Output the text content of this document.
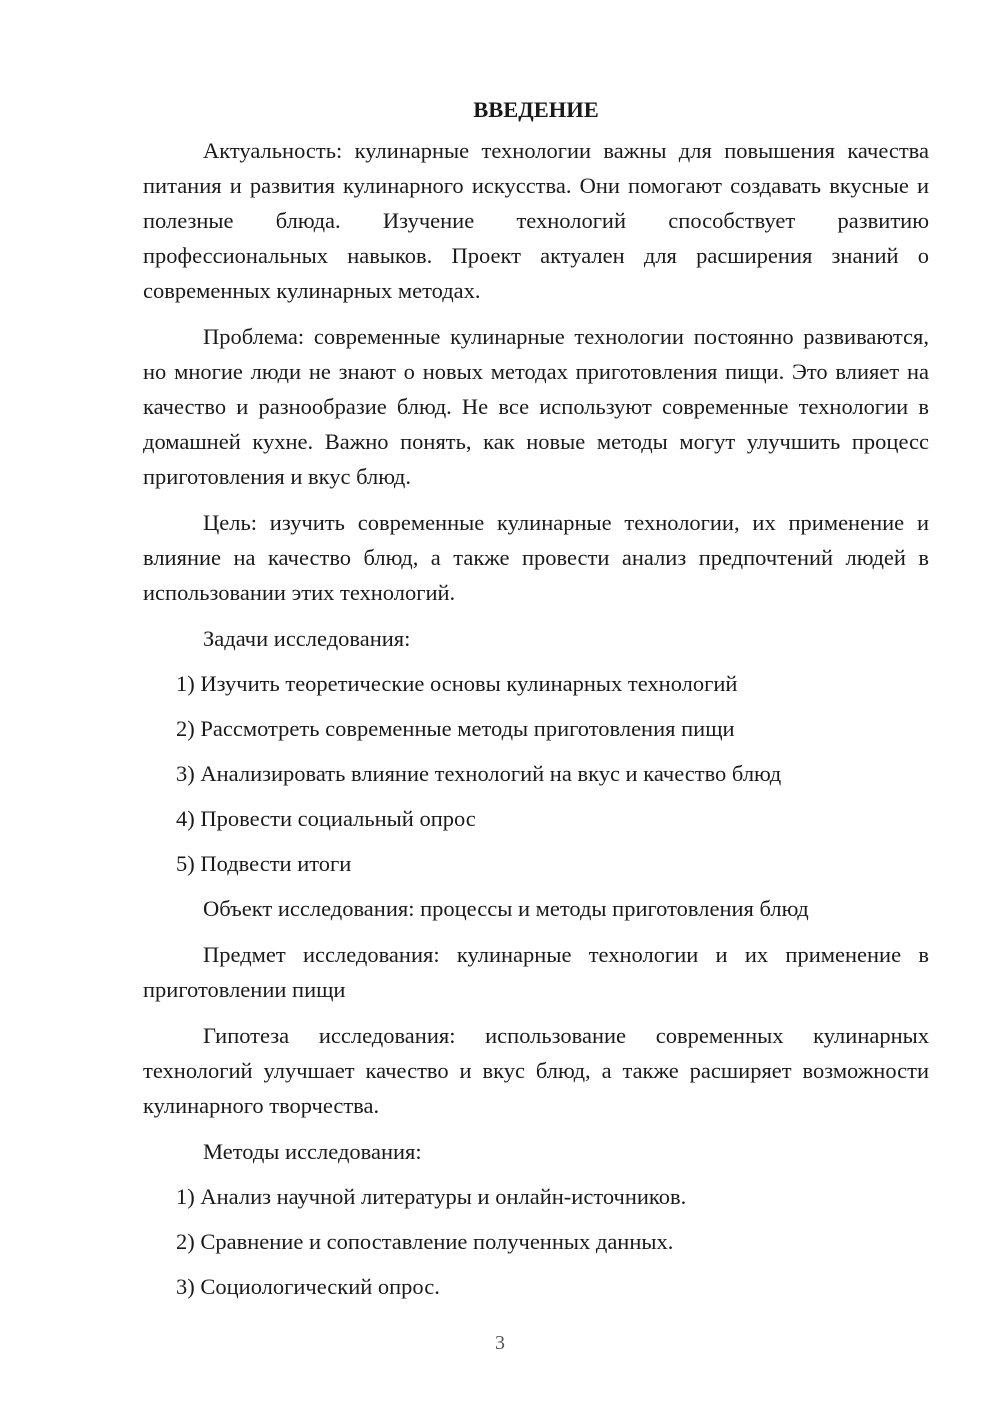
ВВЕДЕНИЕ

Актуальность: кулинарные технологии важны для повышения качества питания и развития кулинарного искусства. Они помогают создавать вкусные и полезные блюда. Изучение технологий способствует развитию профессиональных навыков. Проект актуален для расширения знаний о современных кулинарных методах.

Проблема: современные кулинарные технологии постоянно развиваются, но многие люди не знают о новых методах приготовления пищи. Это влияет на качество и разнообразие блюд. Не все используют современные технологии в домашней кухне. Важно понять, как новые методы могут улучшить процесс приготовления и вкус блюд.

Цель: изучить современные кулинарные технологии, их применение и влияние на качество блюд, а также провести анализ предпочтений людей в использовании этих технологий.

Задачи исследования:

1) Изучить теоретические основы кулинарных технологий
2) Рассмотреть современные методы приготовления пищи
3) Анализировать влияние технологий на вкус и качество блюд
4) Провести социальный опрос
5) Подвести итоги

Объект исследования: процессы и методы приготовления блюд

Предмет исследования: кулинарные технологии и их применение в приготовлении пищи

Гипотеза исследования: использование современных кулинарных технологий улучшает качество и вкус блюд, а также расширяет возможности кулинарного творчества.

Методы исследования:

1) Анализ научной литературы и онлайн-источников.
2) Сравнение и сопоставление полученных данных.
3) Социологический опрос.
3
